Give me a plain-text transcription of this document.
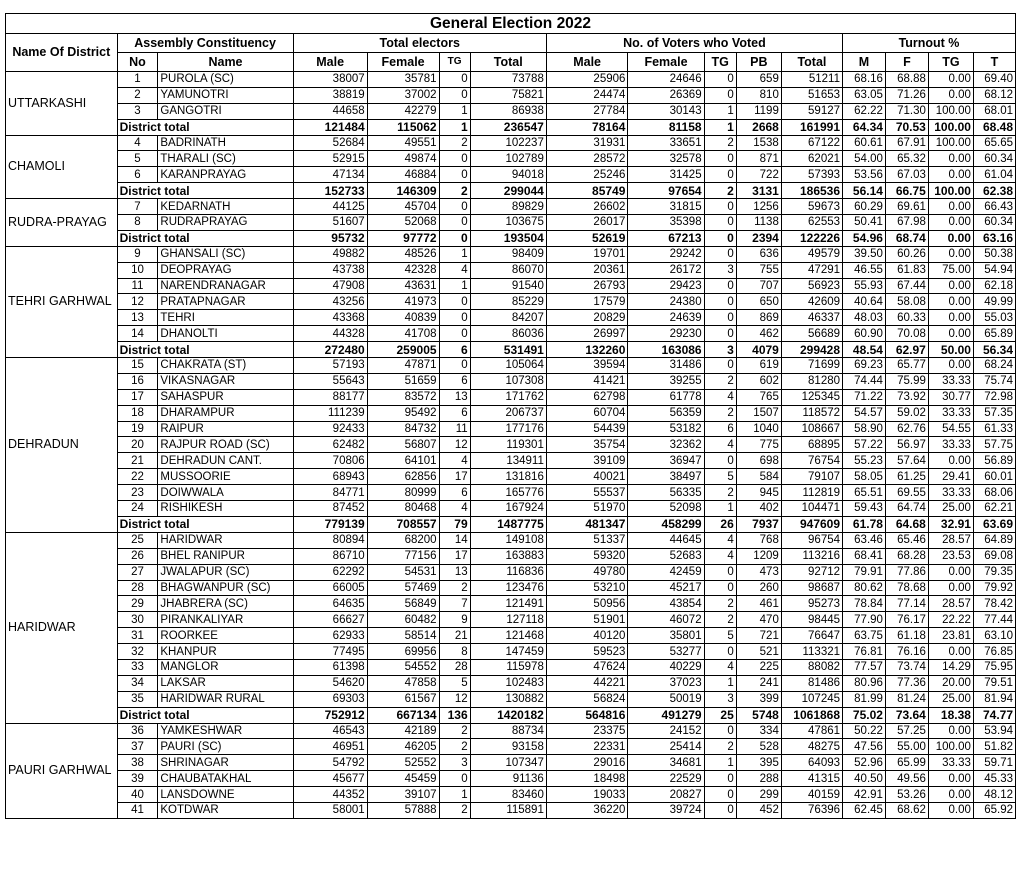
General Election 2022															
Name Of District	Assembly Constituency		Total electors				No. of Voters who Voted					Turnout %			
	No	Name	Male	Female	TG	Total	Male	Female	TG	PB	Total	M	F	TG	T
UTTARKASHI	1	PUROLA (SC)	38007	35781	0	73788	25906	24646	0	659	51211	68.16	68.88	0.00	69.40
	2	YAMUNOTRI	38819	37002	0	75821	24474	26369	0	810	51653	63.05	71.26	0.00	68.12
	3	GANGOTRI	44658	42279	1	86938	27784	30143	1	1199	59127	62.22	71.30	100.00	68.01
	District total		121484	115062	1	236547	78164	81158	1	2668	161991	64.34	70.53	100.00	68.48
CHAMOLI	4	BADRINATH	52684	49551	2	102237	31931	33651	2	1538	67122	60.61	67.91	100.00	65.65
	5	THARALI (SC)	52915	49874	0	102789	28572	32578	0	871	62021	54.00	65.32	0.00	60.34
	6	KARANPRAYAG	47134	46884	0	94018	25246	31425	0	722	57393	53.56	67.03	0.00	61.04
	District total		152733	146309	2	299044	85749	97654	2	3131	186536	56.14	66.75	100.00	62.38
RUDRA-PRAYAG	7	KEDARNATH	44125	45704	0	89829	26602	31815	0	1256	59673	60.29	69.61	0.00	66.43
	8	RUDRAPRAYAG	51607	52068	0	103675	26017	35398	0	1138	62553	50.41	67.98	0.00	60.34
	District total		95732	97772	0	193504	52619	67213	0	2394	122226	54.96	68.74	0.00	63.16
TEHRI GARHWAL	9	GHANSALI (SC)	49882	48526	1	98409	19701	29242	0	636	49579	39.50	60.26	0.00	50.38
	10	DEOPRAYAG	43738	42328	4	86070	20361	26172	3	755	47291	46.55	61.83	75.00	54.94
	11	NARENDRANAGAR	47908	43631	1	91540	26793	29423	0	707	56923	55.93	67.44	0.00	62.18
	12	PRATAPNAGAR	43256	41973	0	85229	17579	24380	0	650	42609	40.64	58.08	0.00	49.99
	13	TEHRI	43368	40839	0	84207	20829	24639	0	869	46337	48.03	60.33	0.00	55.03
	14	DHANOLTI	44328	41708	0	86036	26997	29230	0	462	56689	60.90	70.08	0.00	65.89
	District total		272480	259005	6	531491	132260	163086	3	4079	299428	48.54	62.97	50.00	56.34
DEHRADUN	15	CHAKRATA (ST)	57193	47871	0	105064	39594	31486	0	619	71699	69.23	65.77	0.00	68.24
	16	VIKASNAGAR	55643	51659	6	107308	41421	39255	2	602	81280	74.44	75.99	33.33	75.74
	17	SAHASPUR	88177	83572	13	171762	62798	61778	4	765	125345	71.22	73.92	30.77	72.98
	18	DHARAMPUR	111239	95492	6	206737	60704	56359	2	1507	118572	54.57	59.02	33.33	57.35
	19	RAIPUR	92433	84732	11	177176	54439	53182	6	1040	108667	58.90	62.76	54.55	61.33
	20	RAJPUR ROAD (SC)	62482	56807	12	119301	35754	32362	4	775	68895	57.22	56.97	33.33	57.75
	21	DEHRADUN CANT.	70806	64101	4	134911	39109	36947	0	698	76754	55.23	57.64	0.00	56.89
	22	MUSSOORIE	68943	62856	17	131816	40021	38497	5	584	79107	58.05	61.25	29.41	60.01
	23	DOIWWALA	84771	80999	6	165776	55537	56335	2	945	112819	65.51	69.55	33.33	68.06
	24	RISHIKESH	87452	80468	4	167924	51970	52098	1	402	104471	59.43	64.74	25.00	62.21
	District total		779139	708557	79	1487775	481347	458299	26	7937	947609	61.78	64.68	32.91	63.69
HARIDWAR	25	HARIDWAR	80894	68200	14	149108	51337	44645	4	768	96754	63.46	65.46	28.57	64.89
	26	BHEL RANIPUR	86710	77156	17	163883	59320	52683	4	1209	113216	68.41	68.28	23.53	69.08
	27	JWALAPUR (SC)	62292	54531	13	116836	49780	42459	0	473	92712	79.91	77.86	0.00	79.35
	28	BHAGWANPUR (SC)	66005	57469	2	123476	53210	45217	0	260	98687	80.62	78.68	0.00	79.92
	29	JHABRERA (SC)	64635	56849	7	121491	50956	43854	2	461	95273	78.84	77.14	28.57	78.42
	30	PIRANKALIYAR	66627	60482	9	127118	51901	46072	2	470	98445	77.90	76.17	22.22	77.44
	31	ROORKEE	62933	58514	21	121468	40120	35801	5	721	76647	63.75	61.18	23.81	63.10
	32	KHANPUR	77495	69956	8	147459	59523	53277	0	521	113321	76.81	76.16	0.00	76.85
	33	MANGLOR	61398	54552	28	115978	47624	40229	4	225	88082	77.57	73.74	14.29	75.95
	34	LAKSAR	54620	47858	5	102483	44221	37023	1	241	81486	80.96	77.36	20.00	79.51
	35	HARIDWAR RURAL	69303	61567	12	130882	56824	50019	3	399	107245	81.99	81.24	25.00	81.94
	District total		752912	667134	136	1420182	564816	491279	25	5748	1061868	75.02	73.64	18.38	74.77
PAURI GARHWAL	36	YAMKESHWAR	46543	42189	2	88734	23375	24152	0	334	47861	50.22	57.25	0.00	53.94
	37	PAURI (SC)	46951	46205	2	93158	22331	25414	2	528	48275	47.56	55.00	100.00	51.82
	38	SHRINAGAR	54792	52552	3	107347	29016	34681	1	395	64093	52.96	65.99	33.33	59.71
	39	CHAUBATAKHAL	45677	45459	0	91136	18498	22529	0	288	41315	40.50	49.56	0.00	45.33
	40	LANSDOWNE	44352	39107	1	83460	19033	20827	0	299	40159	42.91	53.26	0.00	48.12
	41	KOTDWAR	58001	57888	2	115891	36220	39724	0	452	76396	62.45	68.62	0.00	65.92
